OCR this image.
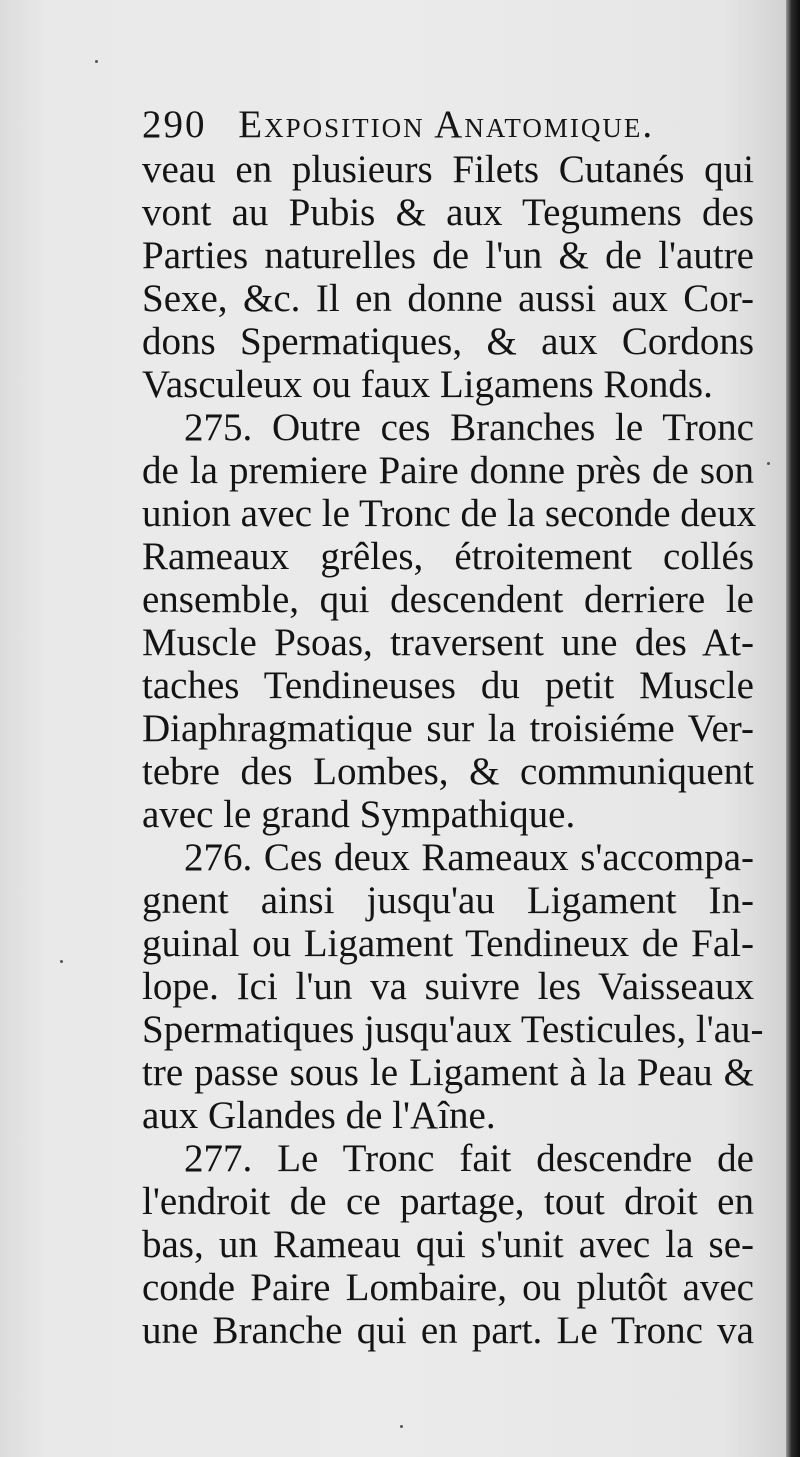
290 Exposition Anatomique.
veau en plusieurs Filets Cutanés qui
vont au Pubis & aux Tegumens des
Parties naturelles de l'un & de l'autre
Sexe, &c. Il en donne aussi aux Cor-
dons Spermatiques, & aux Cordons
Vasculeux ou faux Ligamens Ronds.
275. Outre ces Branches le Tronc
de la premiere Paire donne près de son
union avec le Tronc de la seconde deux
Rameaux grêles, étroitement collés
ensemble, qui descendent derriere le
Muscle Psoas, traversent une des At-
taches Tendineuses du petit Muscle
Diaphragmatique sur la troisiéme Ver-
tebre des Lombes, & communiquent
avec le grand Sympathique.
276. Ces deux Rameaux s'accompa-
gnent ainsi jusqu'au Ligament In-
guinal ou Ligament Tendineux de Fal-
lope. Ici l'un va suivre les Vaisseaux
Spermatiques jusqu'aux Testicules, l'au-
tre passe sous le Ligament à la Peau &
aux Glandes de l'Aîne.
277. Le Tronc fait descendre de
l'endroit de ce partage, tout droit en
bas, un Rameau qui s'unit avec la se-
conde Paire Lombaire, ou plutôt avec
une Branche qui en part. Le Tronc va
